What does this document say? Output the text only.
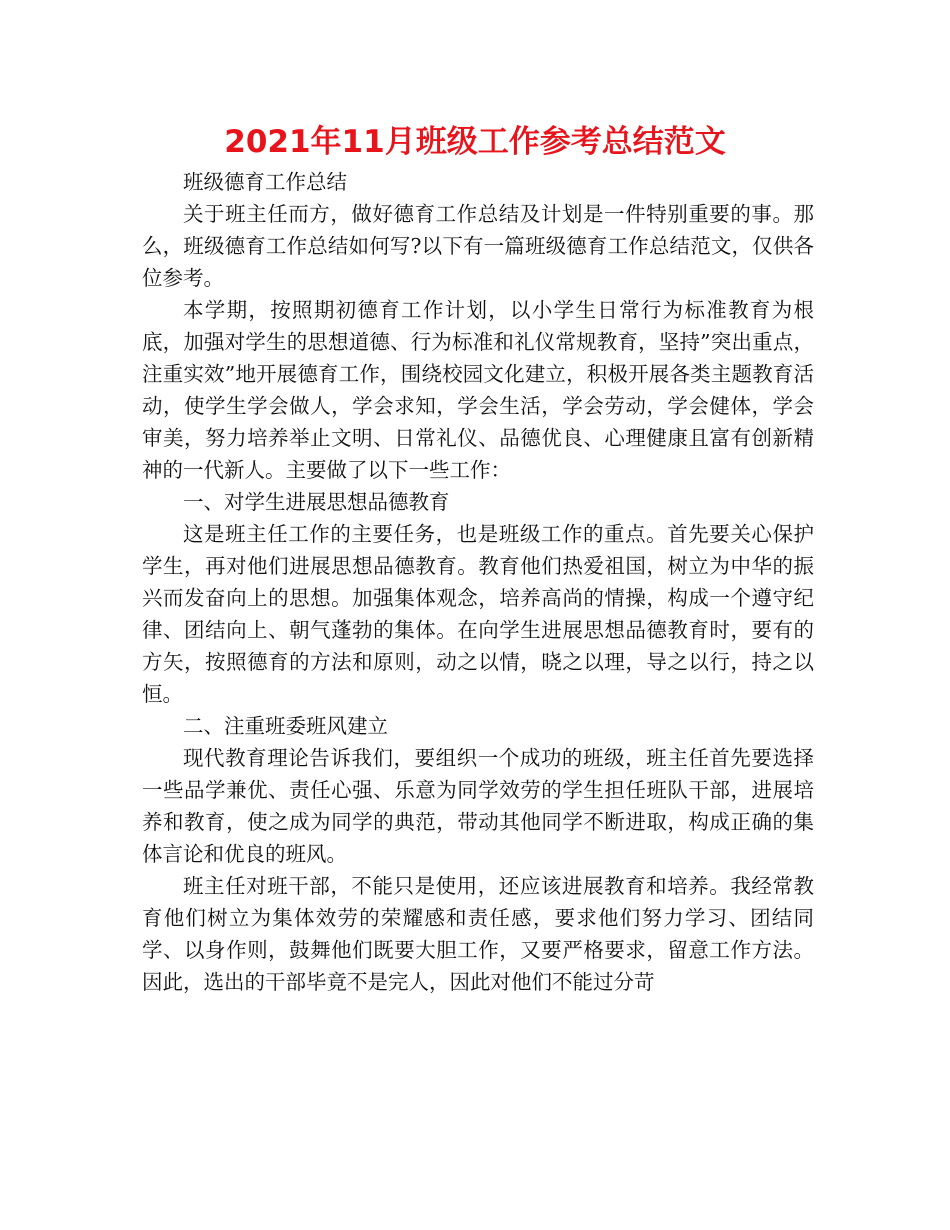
2021年11月班级工作参考总结范文

班级德育工作总结

关于班主任而方，做好德育工作总结及计划是一件特别重要的事。那么，班级德育工作总结如何写?以下有一篇班级德育工作总结范文，仅供各位参考。

本学期，按照期初德育工作计划，以小学生日常行为标准教育为根底，加强对学生的思想道德、行为标准和礼仪常规教育，坚持”突出重点，注重实效”地开展德育工作，围绕校园文化建立，积极开展各类主题教育活动，使学生学会做人，学会求知，学会生活，学会劳动，学会健体，学会审美，努力培养举止文明、日常礼仪、品德优良、心理健康且富有创新精神的一代新人。主要做了以下一些工作：

一、对学生进展思想品德教育

这是班主任工作的主要任务，也是班级工作的重点。首先要关心保护学生，再对他们进展思想品德教育。教育他们热爱祖国，树立为中华的振兴而发奋向上的思想。加强集体观念，培养高尚的情操，构成一个遵守纪律、团结向上、朝气蓬勃的集体。在向学生进展思想品德教育时，要有的方矢，按照德育的方法和原则，动之以情，晓之以理，导之以行，持之以恒。

二、注重班委班风建立

现代教育理论告诉我们，要组织一个成功的班级，班主任首先要选择一些品学兼优、责任心强、乐意为同学效劳的学生担任班队干部，进展培养和教育，使之成为同学的典范，带动其他同学不断进取，构成正确的集体言论和优良的班风。

班主任对班干部，不能只是使用，还应该进展教育和培养。我经常教育他们树立为集体效劳的荣耀感和责任感，要求他们努力学习、团结同学、以身作则，鼓舞他们既要大胆工作，又要严格要求，留意工作方法。因此，选出的干部毕竟不是完人，因此对他们不能过分苛
